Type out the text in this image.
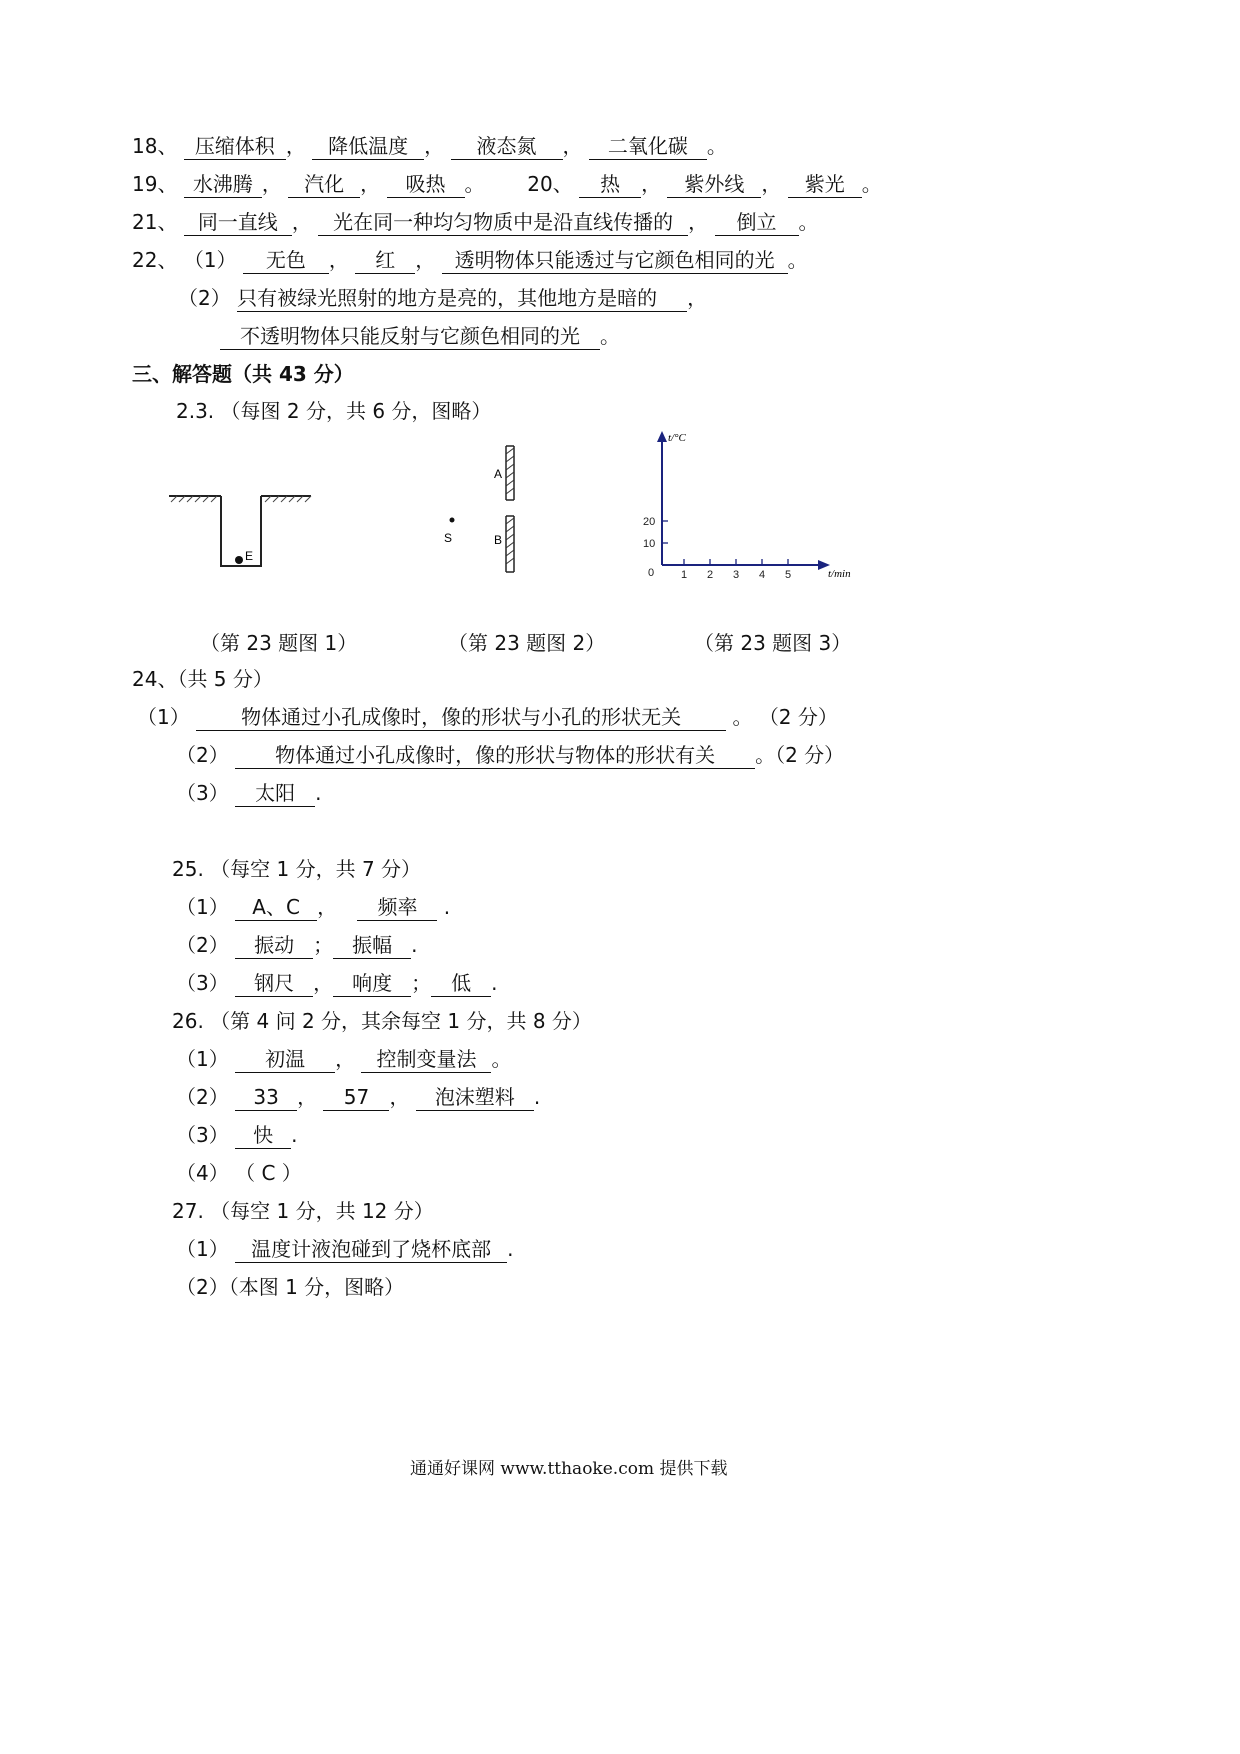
18、 压缩体积 ， 降低温度 ， 液态氮 ， 二氧化碳 。
19、 水沸腾 ， 汽化 ， 吸热 。 20、 热 ， 紫外线 ， 紫光 。
21、 同一直线 ， 光在同一种均匀物质中是沿直线传播的 ， 倒立 。
22、 （1） 无色 ， 红 ， 透明物体只能透过与它颜色相同的光 。
（2） 只有被绿光照射的地方是亮的，其他地方是暗的 ，
不透明物体只能反射与它颜色相同的光 。
三、解答题（共 43 分）
2.3. （每图 2 分，共 6 分，图略）
E
A
B
S
t/°C
t/min
20
10
0 1 2 3 4 5
（第 23 题图 1）	（第 23 题图 2）	（第 23 题图 3）
24、（共 5 分）
（1）	物体通过小孔成像时，像的形状与小孔的形状无关	。 （2 分）
（2） 物体通过小孔成像时，像的形状与物体的形状有关 。（2 分）
（3） 太阳 .
25. （每空 1 分，共 7 分）
（1） A、C ， 频率 .
（2） 振动 ； 振幅 .
（3） 钢尺 ， 响度 ； 低 .
26. （第 4 问 2 分，其余每空 1 分，共 8 分）
（1） 初温 ， 控制变量法 。
（2） 33 ， 57 ， 泡沫塑料 .
（3） 快 .
（4） （ C ）
27. （每空 1 分，共 12 分）
（1） 温度计液泡碰到了烧杯底部 .
（2）（本图 1 分，图略）
通通好课网 www.tthaoke.com 提供下载
